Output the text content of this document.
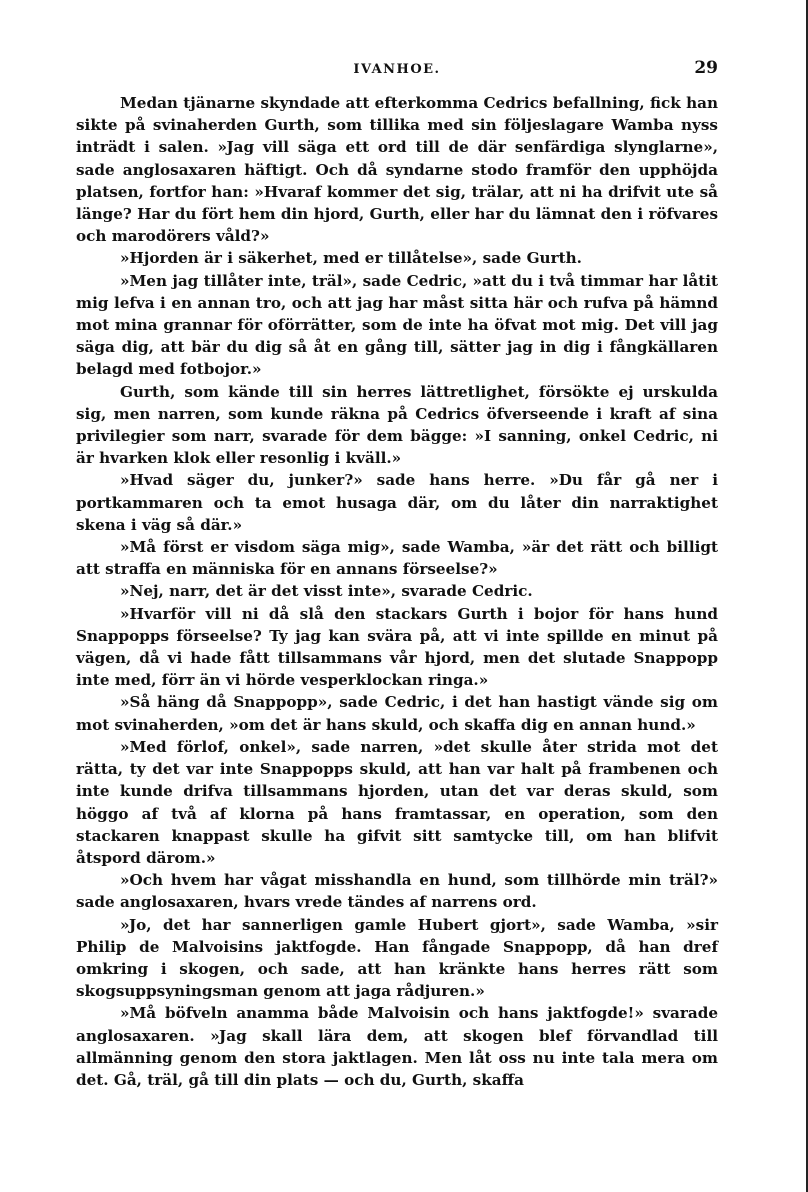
IVANHOE.	29

Medan tjänarne skyndade att efterkomma Cedrics befallning, fick han sikte på svinaherden Gurth, som tillika med sin följeslagare Wamba nyss inträdt i salen. »Jag vill säga ett ord till de där senfärdiga slynglarne», sade anglosaxaren häftigt. Och då syndarne stodo framför den upphöjda platsen, fortfor han: »Hvaraf kommer det sig, trälar, att ni ha drifvit ute så länge? Har du fört hem din hjord, Gurth, eller har du lämnat den i röfvares och marodörers våld?»

»Hjorden är i säkerhet, med er tillåtelse», sade Gurth.

»Men jag tillåter inte, träl», sade Cedric, »att du i två timmar har låtit mig lefva i en annan tro, och att jag har måst sitta här och rufva på hämnd mot mina grannar för oförrätter, som de inte ha öfvat mot mig. Det vill jag säga dig, att bär du dig så åt en gång till, sätter jag in dig i fångkällaren belagd med fotbojor.»

Gurth, som kände till sin herres lättretlighet, försökte ej urskulda sig, men narren, som kunde räkna på Cedrics öfverseende i kraft af sina privilegier som narr, svarade för dem bägge: »I sanning, onkel Cedric, ni är hvarken klok eller resonlig i kväll.»

»Hvad säger du, junker?» sade hans herre. »Du får gå ner i portkammaren och ta emot husaga där, om du låter din narraktighet skena i väg så där.»

»Må först er visdom säga mig», sade Wamba, »är det rätt och billigt att straffa en människa för en annans förseelse?»

»Nej, narr, det är det visst inte», svarade Cedric.

»Hvarför vill ni då slå den stackars Gurth i bojor för hans hund Snappopps förseelse? Ty jag kan svära på, att vi inte spillde en minut på vägen, då vi hade fått tillsammans vår hjord, men det slutade Snappopp inte med, förr än vi hörde vesperklockan ringa.»

»Så häng då Snappopp», sade Cedric, i det han hastigt vände sig om mot svinaherden, »om det är hans skuld, och skaffa dig en annan hund.»

»Med förlof, onkel», sade narren, »det skulle åter strida mot det rätta, ty det var inte Snappopps skuld, att han var halt på frambenen och inte kunde drifva tillsammans hjorden, utan det var deras skuld, som höggo af två af klorna på hans framtassar, en operation, som den stackaren knappast skulle ha gifvit sitt samtycke till, om han blifvit åtspord därom.»

»Och hvem har vågat misshandla en hund, som tillhörde min träl?» sade anglosaxaren, hvars vrede tändes af narrens ord.

»Jo, det har sannerligen gamle Hubert gjort», sade Wamba, »sir Philip de Malvoisins jaktfogde. Han fångade Snappopp, då han dref omkring i skogen, och sade, att han kränkte hans herres rätt som skogsuppsyningsman genom att jaga rådjuren.»

»Må böfveln anamma både Malvoisin och hans jaktfogde!» svarade anglosaxaren. »Jag skall lära dem, att skogen blef förvandlad till allmänning genom den stora jaktlagen. Men låt oss nu inte tala mera om det. Gå, träl, gå till din plats — och du, Gurth, skaffa
